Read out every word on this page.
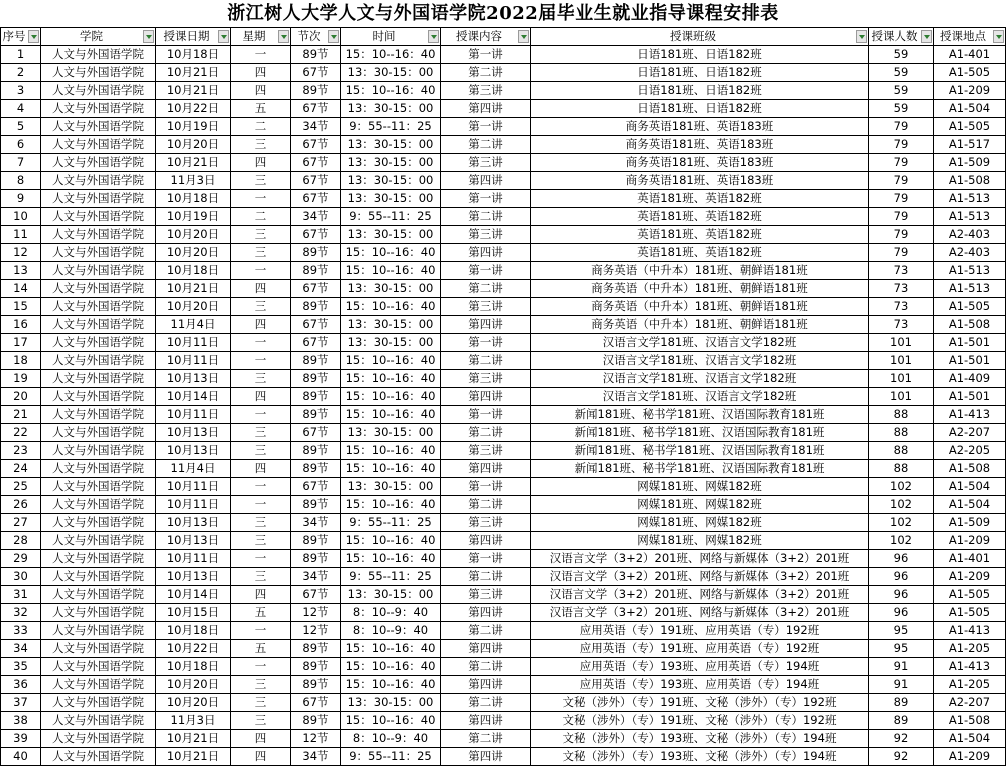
浙江树人大学人文与外国语学院2022届毕业生就业指导课程安排表
序号	学院	授课日期	星期	节次	时间	授课内容	授课班级	授课人数	授课地点

1	人文与外国语学院	10月18日	一	89节	15：10--16：40	第一讲	日语181班、日语182班	59	A1-401
2	人文与外国语学院	10月21日	四	67节	13：30-15：00	第二讲	日语181班、日语182班	59	A1-505
3	人文与外国语学院	10月21日	四	89节	15：10--16：40	第三讲	日语181班、日语182班	59	A1-209
4	人文与外国语学院	10月22日	五	67节	13：30-15：00	第四讲	日语181班、日语182班	59	A1-504
5	人文与外国语学院	10月19日	二	34节	9：55--11：25	第一讲	商务英语181班、英语183班	79	A1-505
6	人文与外国语学院	10月20日	三	67节	13：30-15：00	第二讲	商务英语181班、英语183班	79	A1-517
7	人文与外国语学院	10月21日	四	67节	13：30-15：00	第三讲	商务英语181班、英语183班	79	A1-509
8	人文与外国语学院	11月3日	三	67节	13：30-15：00	第四讲	商务英语181班、英语183班	79	A1-508
9	人文与外国语学院	10月18日	一	67节	13：30-15：00	第一讲	英语181班、英语182班	79	A1-513
10	人文与外国语学院	10月19日	二	34节	9：55--11：25	第二讲	英语181班、英语182班	79	A1-513
11	人文与外国语学院	10月20日	三	67节	13：30-15：00	第三讲	英语181班、英语182班	79	A2-403
12	人文与外国语学院	10月20日	三	89节	15：10--16：40	第四讲	英语181班、英语182班	79	A2-403
13	人文与外国语学院	10月18日	一	89节	15：10--16：40	第一讲	商务英语（中升本）181班、朝鲜语181班	73	A1-513
14	人文与外国语学院	10月21日	四	67节	13：30-15：00	第二讲	商务英语（中升本）181班、朝鲜语181班	73	A1-513
15	人文与外国语学院	10月20日	三	89节	15：10--16：40	第三讲	商务英语（中升本）181班、朝鲜语181班	73	A1-505
16	人文与外国语学院	11月4日	四	67节	13：30-15：00	第四讲	商务英语（中升本）181班、朝鲜语181班	73	A1-508
17	人文与外国语学院	10月11日	一	67节	13：30-15：00	第一讲	汉语言文学181班、汉语言文学182班	101	A1-501
18	人文与外国语学院	10月11日	一	89节	15：10--16：40	第二讲	汉语言文学181班、汉语言文学182班	101	A1-501
19	人文与外国语学院	10月13日	三	89节	15：10--16：40	第三讲	汉语言文学181班、汉语言文学182班	101	A1-409
20	人文与外国语学院	10月14日	四	89节	15：10--16：40	第四讲	汉语言文学181班、汉语言文学182班	101	A1-501
21	人文与外国语学院	10月11日	一	89节	15：10--16：40	第一讲	新闻181班、秘书学181班、汉语国际教育181班	88	A1-413
22	人文与外国语学院	10月13日	三	67节	13：30-15：00	第二讲	新闻181班、秘书学181班、汉语国际教育181班	88	A2-207
23	人文与外国语学院	10月13日	三	89节	15：10--16：40	第三讲	新闻181班、秘书学181班、汉语国际教育181班	88	A2-205
24	人文与外国语学院	11月4日	四	89节	15：10--16：40	第四讲	新闻181班、秘书学181班、汉语国际教育181班	88	A1-508
25	人文与外国语学院	10月11日	一	67节	13：30-15：00	第一讲	网媒181班、网媒182班	102	A1-504
26	人文与外国语学院	10月11日	一	89节	15：10--16：40	第二讲	网媒181班、网媒182班	102	A1-504
27	人文与外国语学院	10月13日	三	34节	9：55--11：25	第三讲	网媒181班、网媒182班	102	A1-509
28	人文与外国语学院	10月13日	三	89节	15：10--16：40	第四讲	网媒181班、网媒182班	102	A1-209
29	人文与外国语学院	10月11日	一	89节	15：10--16：40	第一讲	汉语言文学（3+2）201班、网络与新媒体（3+2）201班	96	A1-401
30	人文与外国语学院	10月13日	三	34节	9：55--11：25	第二讲	汉语言文学（3+2）201班、网络与新媒体（3+2）201班	96	A1-209
31	人文与外国语学院	10月14日	四	67节	13：30-15：00	第三讲	汉语言文学（3+2）201班、网络与新媒体（3+2）201班	96	A1-505
32	人文与外国语学院	10月15日	五	12节	8：10--9：40	第四讲	汉语言文学（3+2）201班、网络与新媒体（3+2）201班	96	A1-505
33	人文与外国语学院	10月18日	一	12节	8：10--9：40	第二讲	应用英语（专）191班、应用英语（专）192班	95	A1-413
34	人文与外国语学院	10月22日	五	89节	15：10--16：40	第四讲	应用英语（专）191班、应用英语（专）192班	95	A1-205
35	人文与外国语学院	10月18日	一	89节	15：10--16：40	第二讲	应用英语（专）193班、应用英语（专）194班	91	A1-413
36	人文与外国语学院	10月20日	三	89节	15：10--16：40	第四讲	应用英语（专）193班、应用英语（专）194班	91	A1-205
37	人文与外国语学院	10月20日	三	67节	13：30-15：00	第二讲	文秘（涉外）（专）191班、文秘（涉外）（专）192班	89	A2-207
38	人文与外国语学院	11月3日	三	89节	15：10--16：40	第四讲	文秘（涉外）（专）191班、文秘（涉外）（专）192班	89	A1-508
39	人文与外国语学院	10月21日	四	12节	8：10--9：40	第二讲	文秘（涉外）（专）193班、文秘（涉外）（专）194班	92	A1-504
40	人文与外国语学院	10月21日	四	34节	9：55--11：25	第四讲	文秘（涉外）（专）193班、文秘（涉外）（专）194班	92	A1-209
